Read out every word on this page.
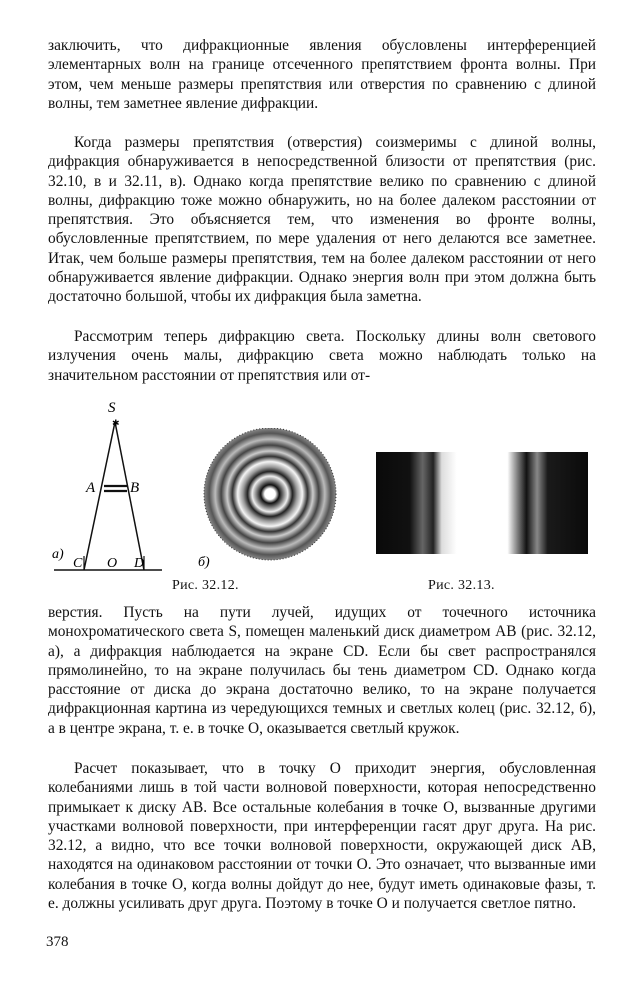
заключить, что дифракционные явления обусловлены интерференцией элементарных волн на границе отсеченного препятствием фронта волны. При этом, чем меньше размеры препятствия или отверстия по сравнению с длиной волны, тем заметнее явление дифракции.

Когда размеры препятствия (отверстия) соизмеримы с длиной волны, дифракция обнаруживается в непосредственной близости от препятствия (рис. 32.10, в и 32.11, в). Однако когда препятствие велико по сравнению с длиной волны, дифракцию тоже можно обнаружить, но на более далеком расстоянии от препятствия. Это объясняется тем, что изменения во фронте волны, обусловленные препятствием, по мере удаления от него делаются все заметнее. Итак, чем больше размеры препятствия, тем на более далеком расстоянии от него обнаруживается явление дифракции. Однако энергия волн при этом должна быть достаточно большой, чтобы их дифракция была заметна.

Рассмотрим теперь дифракцию света. Поскольку длины волн светового излучения очень малы, дифракцию света можно наблюдать только на значительном расстоянии от препятствия или от-

S
✱
A B
а)
C O D	б)
Рис. 32.12.	Рис. 32.13.

верстия. Пусть на пути лучей, идущих от точечного источника монохроматического света S, помещен маленький диск диаметром AB (рис. 32.12, а), а дифракция наблюдается на экране CD. Если бы свет распространялся прямолинейно, то на экране получилась бы тень диаметром CD. Однако когда расстояние от диска до экрана достаточно велико, то на экране получается дифракционная картина из чередующихся темных и светлых колец (рис. 32.12, б), а в центре экрана, т. е. в точке O, оказывается светлый кружок.

Расчет показывает, что в точку O приходит энергия, обусловленная колебаниями лишь в той части волновой поверхности, которая непосредственно примыкает к диску AB. Все остальные колебания в точке O, вызванные другими участками волновой поверхности, при интерференции гасят друг друга. На рис. 32.12, а видно, что все точки волновой поверхности, окружающей диск AB, находятся на одинаковом расстоянии от точки O. Это означает, что вызванные ими колебания в точке O, когда волны дойдут до нее, будут иметь одинаковые фазы, т. е. должны усиливать друг друга. Поэтому в точке O и получается светлое пятно.

378
